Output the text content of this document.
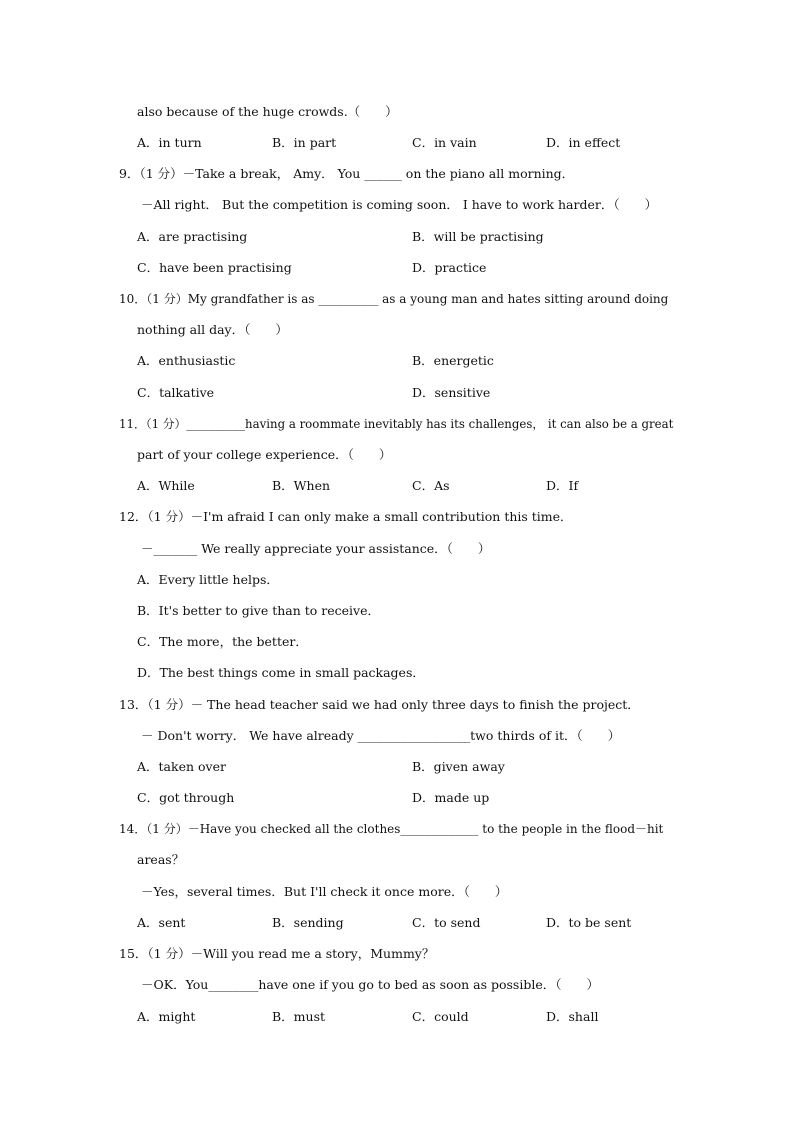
also because of the huge crowds.（　　）
A．in turn	B．in part	C．in vain	D．in effect
9．（1 分）－Take a break， Amy． You ______ on the piano all morning．
－All right． But the competition is coming soon． I have to work harder．（　　）
A．are practising	B．will be practising
C．have been practising	D．practice
10．（1 分）My grandfather is as __________ as a young man and hates sitting around doing
nothing all day．（　　）
A．enthusiastic	B．energetic
C．talkative	D．sensitive
11．（1 分）__________having a roommate inevitably has its challenges， it can also be a great
part of your college experience．（　　）
A．While	B．When	C．As	D．If
12．（1 分）－I'm afraid I can only make a small contribution this time．
－_______ We really appreciate your assistance．（　　）
A．Every little helps．
B．It's better to give than to receive．
C．The more，the better．
D．The best things come in small packages．
13．（1 分）－ The head teacher said we had only three days to finish the project．
－ Don't worry． We have already __________________two thirds of it．（　　）
A．taken over	B．given away
C．got through	D．made up
14．（1 分）－Have you checked all the clothes_____________ to the people in the flood－hit
areas？
－Yes，several times．But I'll check it once more．（　　）
A．sent	B．sending	C．to send	D．to be sent
15．（1 分）－Will you read me a story，Mummy？
－OK．You________have one if you go to bed as soon as possible．（　　）
A．might	B．must	C．could	D．shall
